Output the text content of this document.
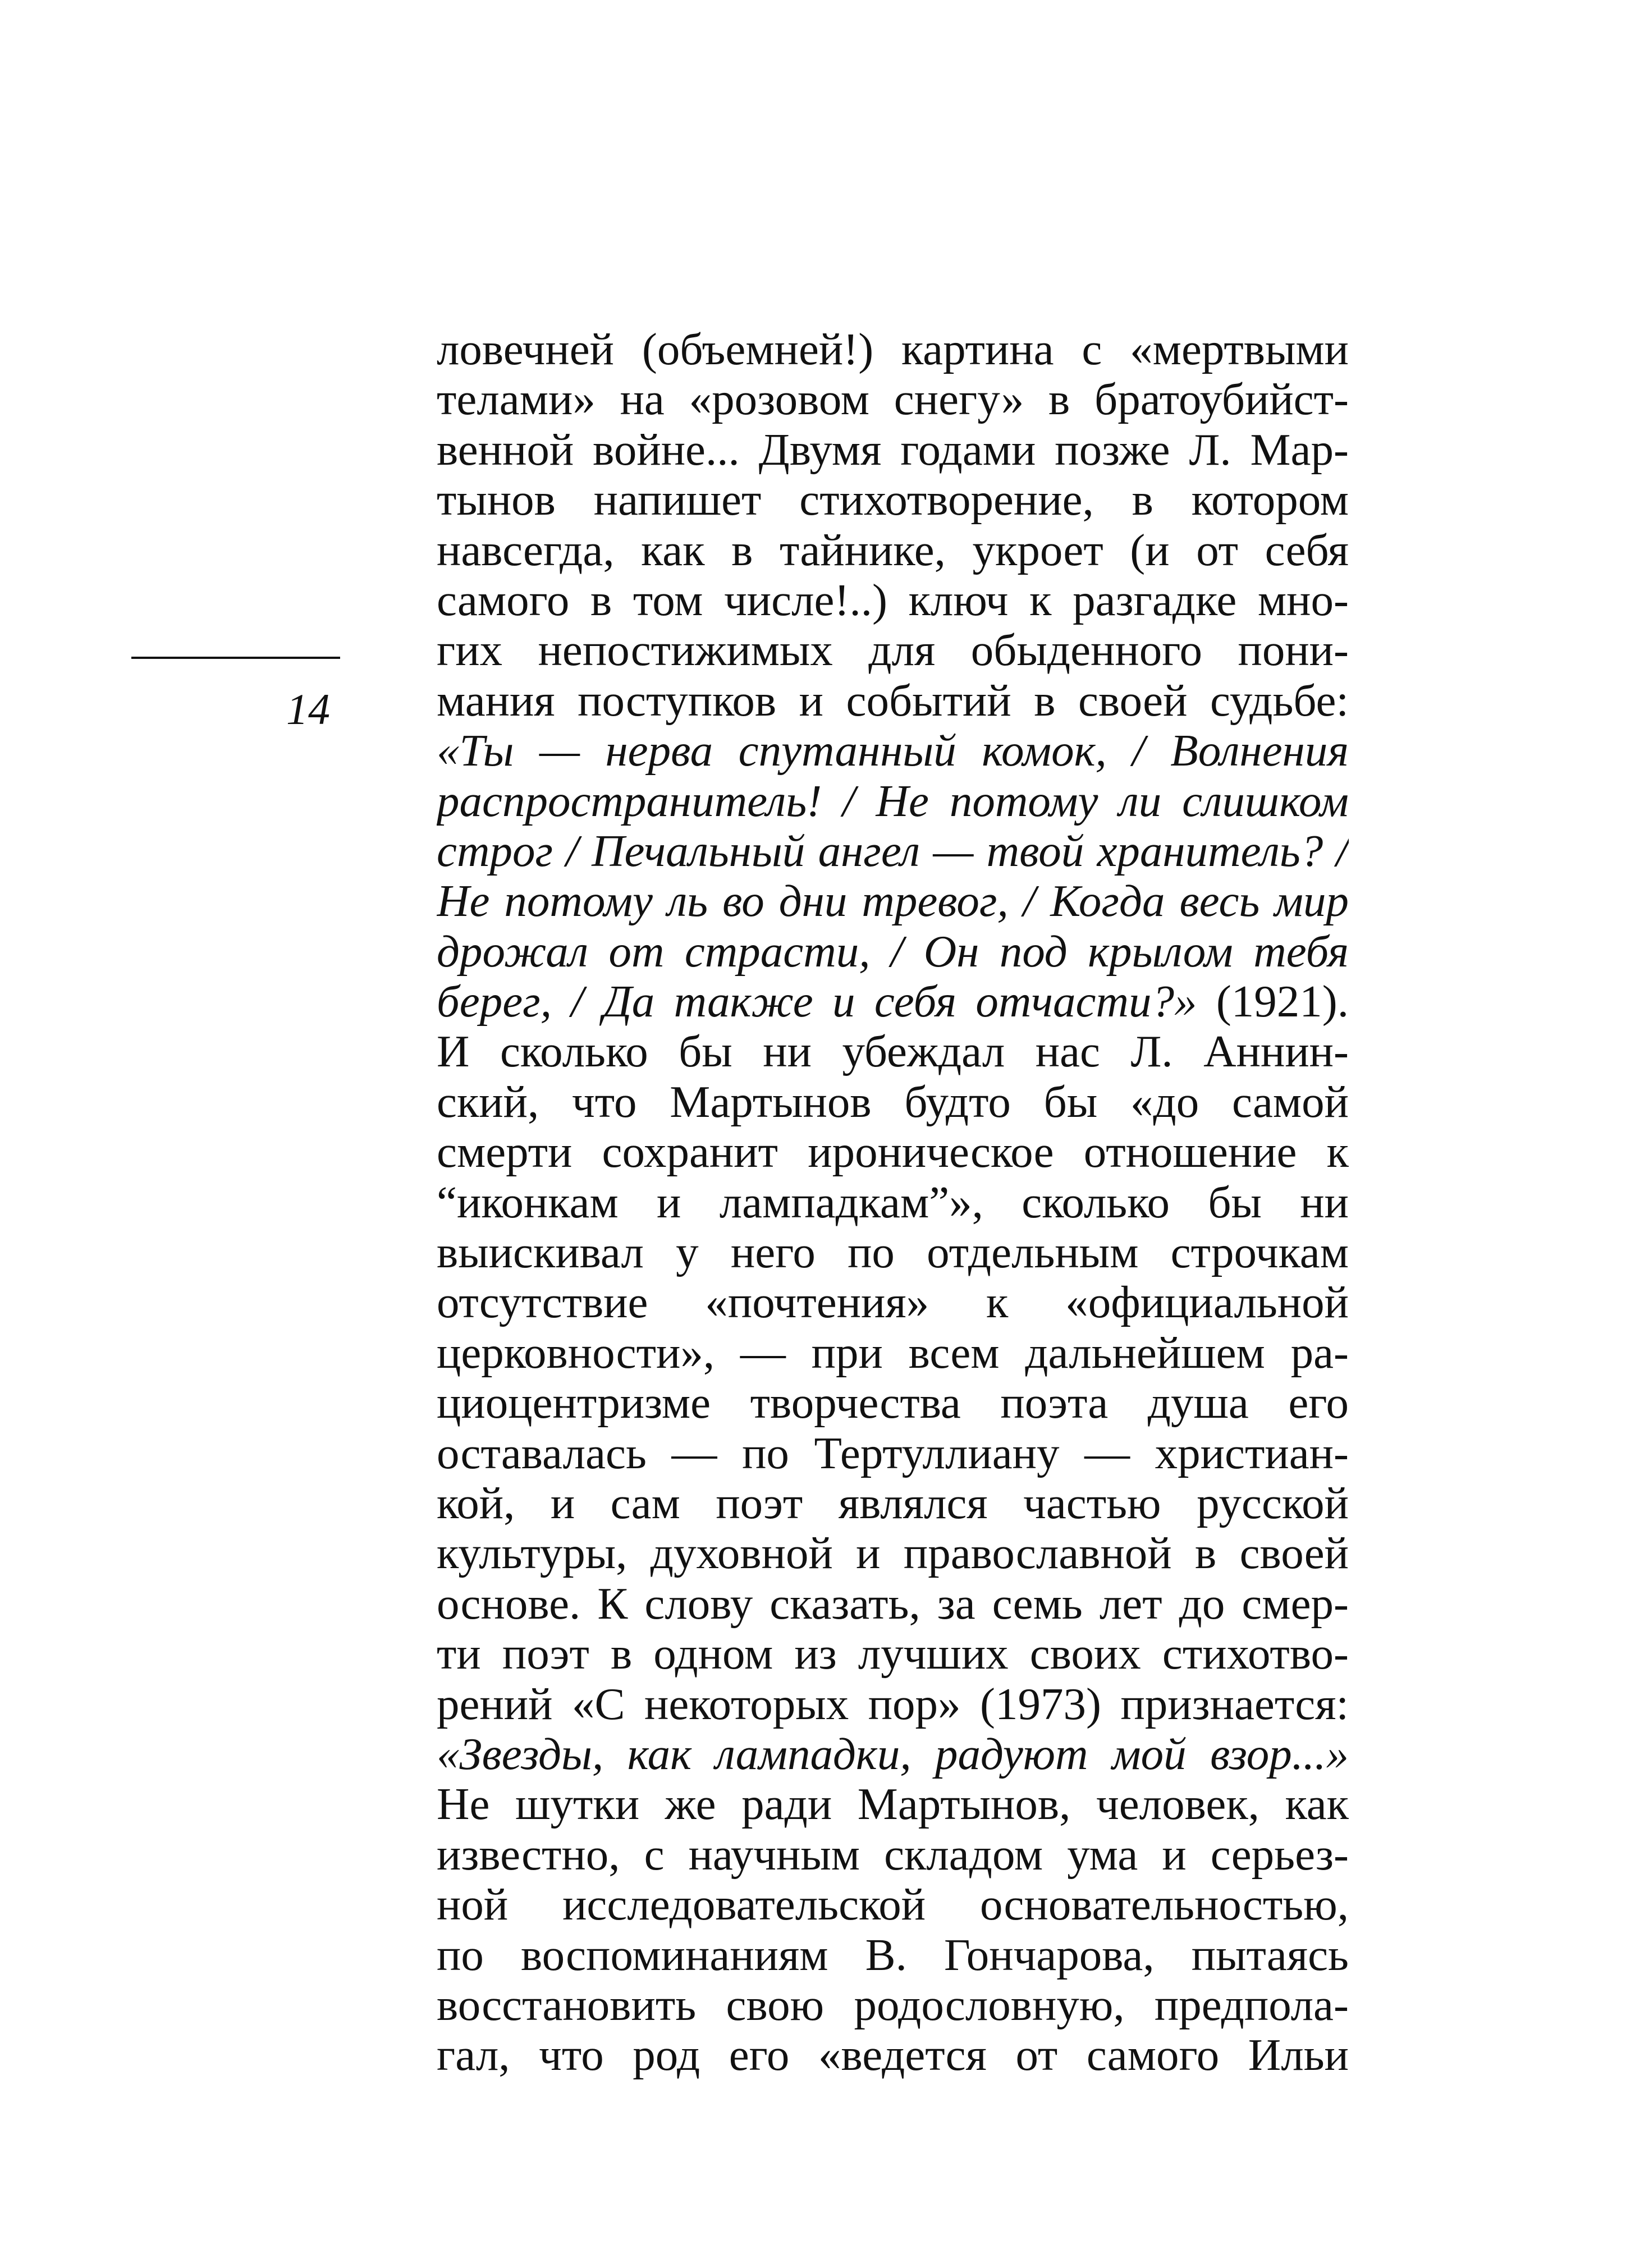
14
ловечней (объемней!) картина с «мертвыми
телами» на «розовом снегу» в братоубийст-
венной войне... Двумя годами позже Л. Мар-
тынов напишет стихотворение, в котором
навсегда, как в тайнике, укроет (и от себя
самого в том числе!..) ключ к разгадке мно-
гих непостижимых для обыденного пони-
мания поступков и событий в своей судьбе:
«Ты — нерва спутанный комок, / Волнения
распространитель! / Не потому ли слишком
строг / Печальный ангел — твой хранитель? /
Не потому ль во дни тревог, / Когда весь мир
дрожал от страсти, / Он под крылом тебя
берег, / Да также и себя отчасти?» (1921).
И сколько бы ни убеждал нас Л. Аннин-
ский, что Мартынов будто бы «до самой
смерти сохранит ироническое отношение к
“иконкам и лампадкам”», сколько бы ни
выискивал у него по отдельным строчкам
отсутствие «почтения» к «официальной
церковности», — при всем дальнейшем ра-
циоцентризме творчества поэта душа его
оставалась — по Тертуллиану — христиан-
кой, и сам поэт являлся частью русской
культуры, духовной и православной в своей
основе. К слову сказать, за семь лет до смер-
ти поэт в одном из лучших своих стихотво-
рений «С некоторых пор» (1973) признается:
«Звезды, как лампадки, радуют мой взор...»
Не шутки же ради Мартынов, человек, как
известно, с научным складом ума и серьез-
ной исследовательской основательностью,
по воспоминаниям В. Гончарова, пытаясь
восстановить свою родословную, предпола-
гал, что род его «ведется от самого Ильи
